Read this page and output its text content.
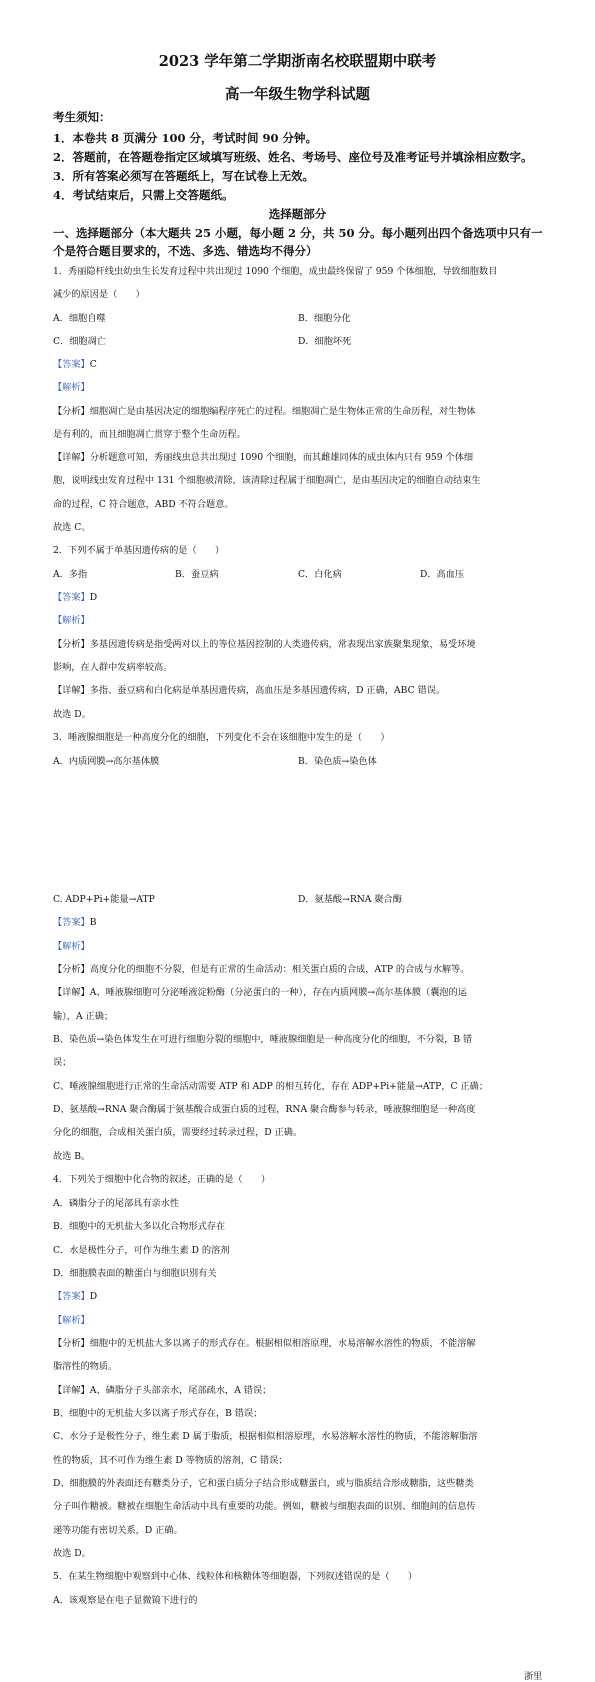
2023 学年第二学期浙南名校联盟期中联考
高一年级生物学科试题
考生须知：
1．本卷共 8 页满分 100 分，考试时间 90 分钟。
2．答题前，在答题卷指定区域填写班级、姓名、考场号、座位号及准考证号并填涂相应数字。
3．所有答案必须写在答题纸上，写在试卷上无效。
4．考试结束后，只需上交答题纸。
选择题部分
一、选择题部分（本大题共 25 小题，每小题 2 分，共 50 分。每小题列出四个备选项中只有一
个是符合题目要求的，不选、多选、错选均不得分）
1．秀丽隐杆线虫幼虫生长发育过程中共出现过 1090 个细胞，成虫最终保留了 959 个体细胞，导致细胞数目
减少的原因是（　　）
A．细胞自噬	B．细胞分化
C．细胞凋亡	D．细胞坏死
【答案】C
【解析】
【分析】细胞凋亡是由基因决定的细胞编程序死亡的过程。细胞凋亡是生物体正常的生命历程，对生物体
是有利的，而且细胞凋亡贯穿于整个生命历程。
【详解】分析题意可知，秀丽线虫总共出现过 1090 个细胞，而其雌雄同体的成虫体内只有 959 个体细
胞，说明线虫发育过程中 131 个细胞被清除，该清除过程属于细胞凋亡，是由基因决定的细胞自动结束生
命的过程，C 符合题意，ABD 不符合题意。
故选 C。
2．下列不属于单基因遗传病的是（　　）
A．多指	B．蚕豆病	C．白化病	D．高血压
【答案】D
【解析】
【分析】多基因遗传病是指受两对以上的等位基因控制的人类遗传病，常表现出家族聚集现象，易受环境
影响，在人群中发病率较高。
【详解】多指、蚕豆病和白化病是单基因遗传病，高血压是多基因遗传病，D 正确，ABC 错误。
故选 D。
3．唾液腺细胞是一种高度分化的细胞，下列变化不会在该细胞中发生的是（　　）
A．内质网膜→高尔基体膜	B．染色质→染色体
C. ADP+Pi+能量→ATP	D．氨基酸→RNA 聚合酶
【答案】B
【解析】
【分析】高度分化的细胞不分裂，但是有正常的生命活动：相关蛋白质的合成，ATP 的合成与水解等。
【详解】A、唾液腺细胞可分泌唾液淀粉酶（分泌蛋白的一种），存在内质网膜→高尔基体膜（囊泡的运
输），A 正确；
B、染色质→染色体发生在可进行细胞分裂的细胞中，唾液腺细胞是一种高度分化的细胞，不分裂，B 错
误；
C、唾液腺细胞进行正常的生命活动需要 ATP 和 ADP 的相互转化，存在 ADP+Pi+能量→ATP，C 正确；
D、氨基酸→RNA 聚合酶属于氨基酸合成蛋白质的过程，RNA 聚合酶参与转录，唾液腺细胞是一种高度
分化的细胞，合成相关蛋白质，需要经过转录过程，D 正确。
故选 B。
4．下列关于细胞中化合物的叙述，正确的是（　　）
A．磷脂分子的尾部具有亲水性
B．细胞中的无机盐大多以化合物形式存在
C．水是极性分子，可作为维生素 D 的溶剂
D．细胞膜表面的糖蛋白与细胞识别有关
【答案】D
【解析】
【分析】细胞中的无机盐大多以离子的形式存在。根据相似相溶原理，水易溶解水溶性的物质，不能溶解
脂溶性的物质。
【详解】A、磷脂分子头部亲水，尾部疏水，A 错误；
B、细胞中的无机盐大多以离子形式存在，B 错误；
C、水分子是极性分子，维生素 D 属于脂质，根据相似相溶原理，水易溶解水溶性的物质，不能溶解脂溶
性的物质，其不可作为维生素 D 等物质的溶剂，C 错误；
D、细胞膜的外表面还有糖类分子，它和蛋白质分子结合形成糖蛋白，或与脂质结合形成糖脂，这些糖类
分子叫作糖被。糖被在细胞生命活动中具有重要的功能。例如，糖被与细胞表面的识别、细胞间的信息传
递等功能有密切关系，D 正确。
故选 D。
5．在某生物细胞中观察到中心体、线粒体和核糖体等细胞器，下列叙述错误的是（　　）
A．该观察是在电子显微镜下进行的
浙里
